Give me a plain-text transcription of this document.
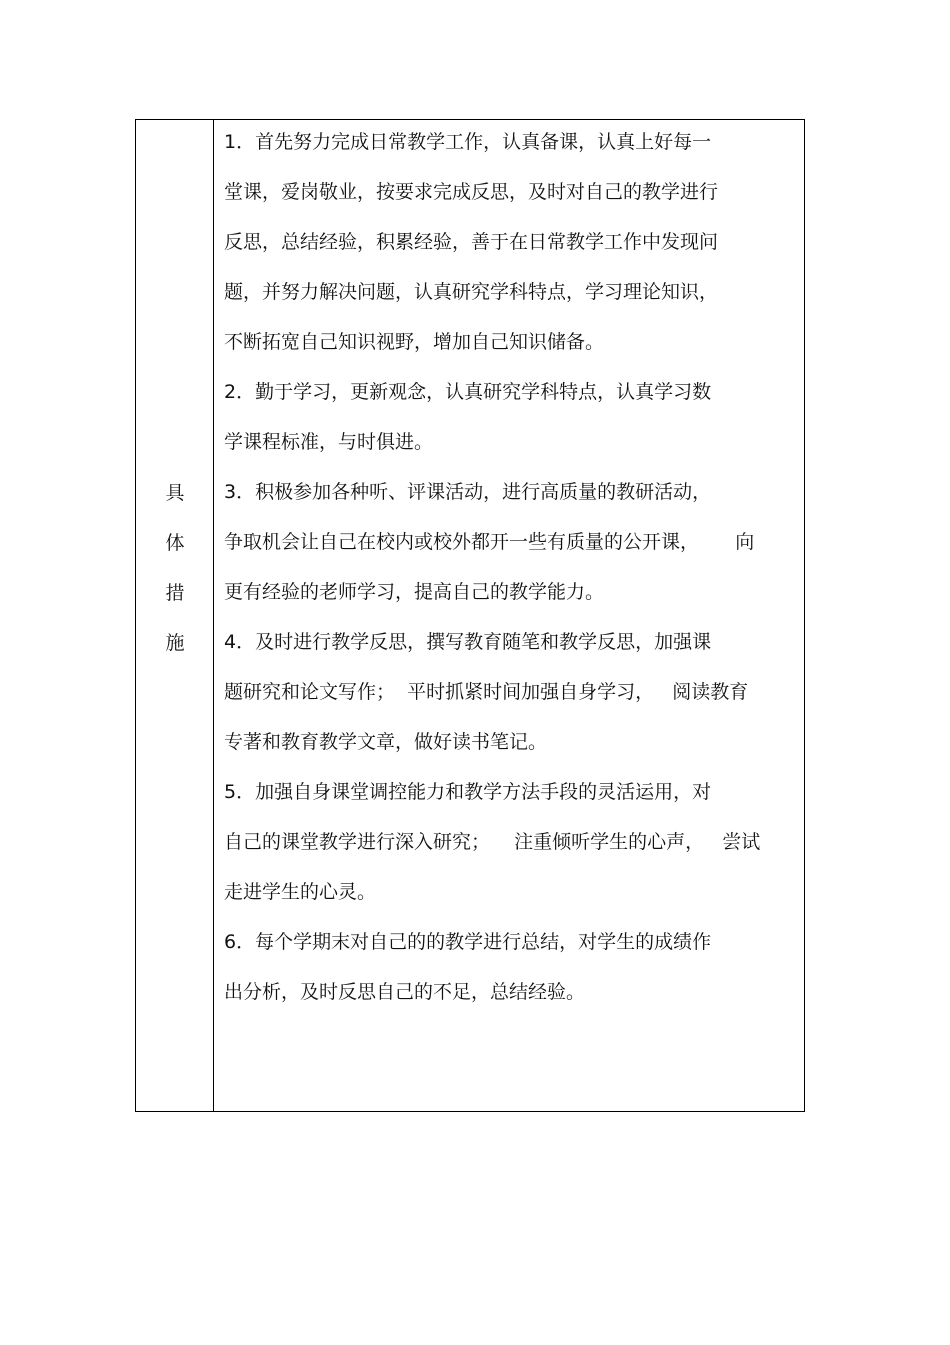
具
体
措
施
1．首先努力完成日常教学工作，认真备课，认真上好每一
堂课，爱岗敬业，按要求完成反思，及时对自己的教学进行
反思，总结经验，积累经验，善于在日常教学工作中发现问
题，并努力解决问题，认真研究学科特点，学习理论知识，
不断拓宽自己知识视野，增加自己知识储备。
2．勤于学习，更新观念，认真研究学科特点，认真学习数
学课程标准，与时俱进。
3．积极参加各种听、评课活动，进行高质量的教研活动，
争取机会让自己在校内或校外都开一些有质量的公开课，      向
更有经验的老师学习，提高自己的教学能力。
4．及时进行教学反思，撰写教育随笔和教学反思，加强课
题研究和论文写作；  平时抓紧时间加强自身学习，   阅读教育
专著和教育教学文章，做好读书笔记。
5．加强自身课堂调控能力和教学方法手段的灵活运用，对
自己的课堂教学进行深入研究；    注重倾听学生的心声，   尝试
走进学生的心灵。
6．每个学期末对自己的的教学进行总结，对学生的成绩作
出分析，及时反思自己的不足，总结经验。
